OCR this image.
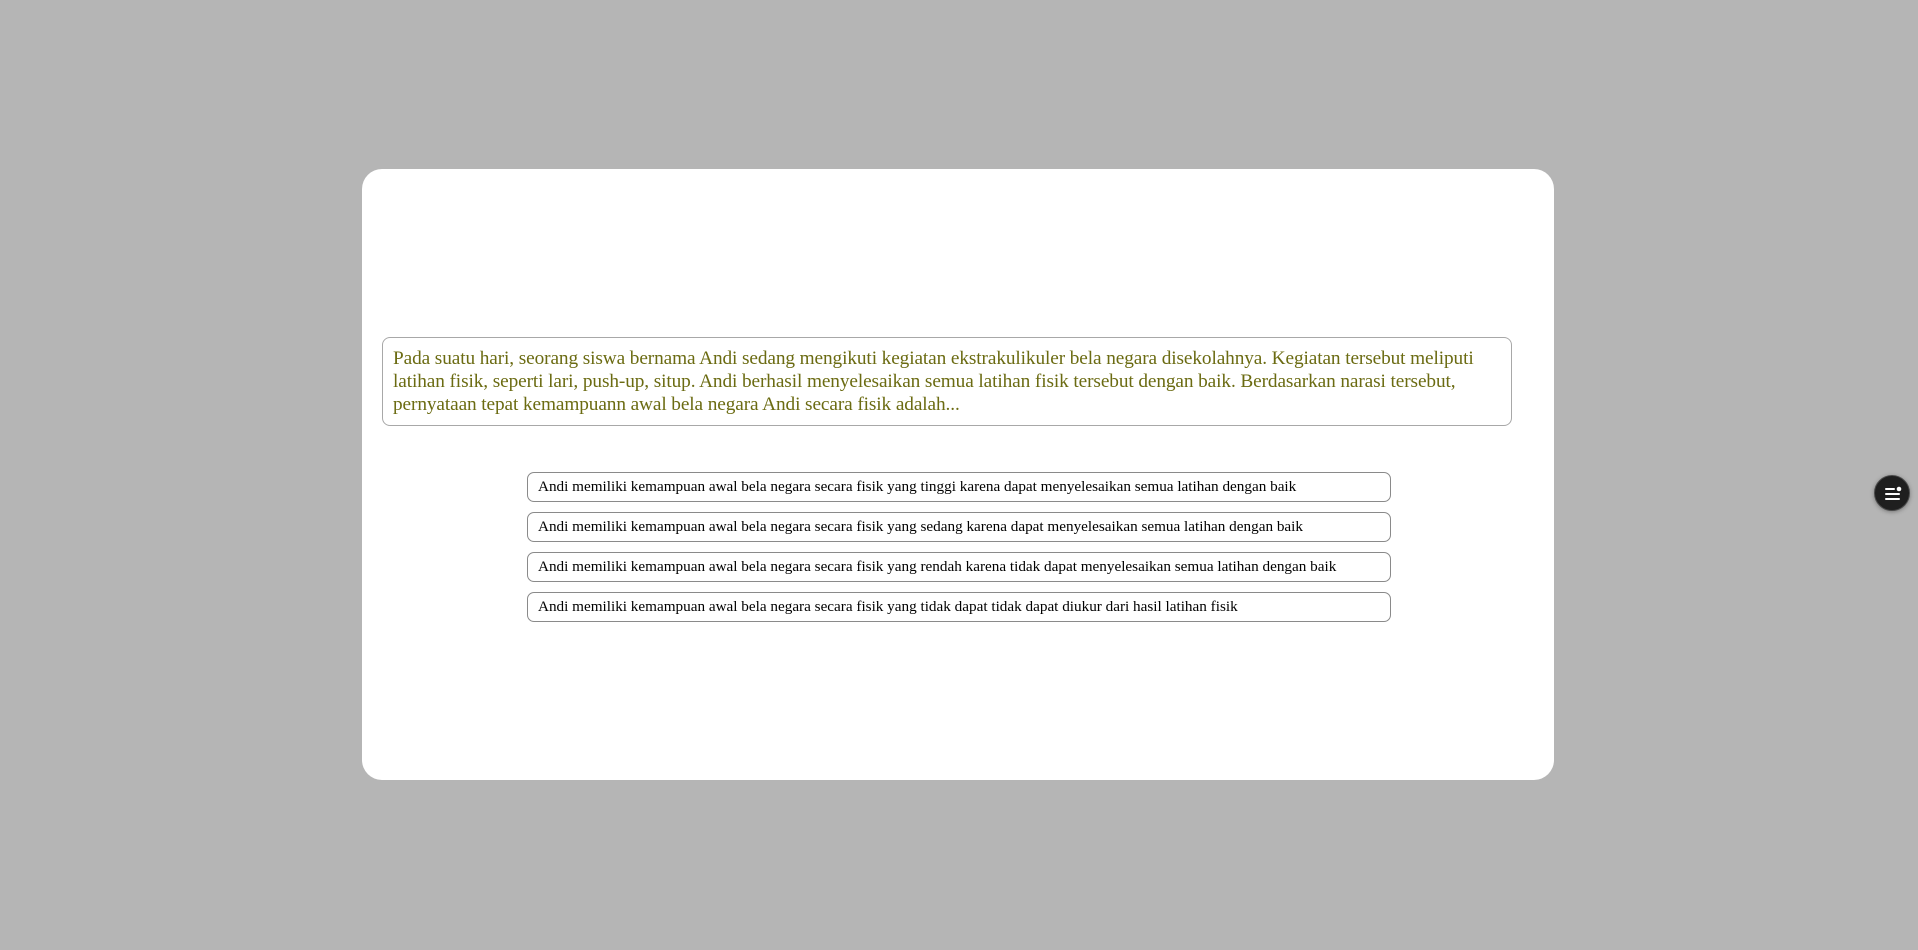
Pada suatu hari, seorang siswa bernama Andi sedang mengikuti kegiatan ekstrakulikuler bela negara disekolahnya. Kegiatan tersebut meliputi latihan fisik, seperti lari, push-up, situp. Andi berhasil menyelesaikan semua latihan fisik tersebut dengan baik. Berdasarkan narasi tersebut, pernyataan tepat kemampuann awal bela negara Andi secara fisik adalah...
Andi memiliki kemampuan awal bela negara secara fisik yang tinggi karena dapat menyelesaikan semua latihan dengan baik
Andi memiliki kemampuan awal bela negara secara fisik yang sedang karena dapat menyelesaikan semua latihan dengan baik
Andi memiliki kemampuan awal bela negara secara fisik yang rendah karena tidak dapat menyelesaikan semua latihan dengan baik
Andi memiliki kemampuan awal bela negara secara fisik yang tidak dapat tidak dapat diukur dari hasil latihan fisik
